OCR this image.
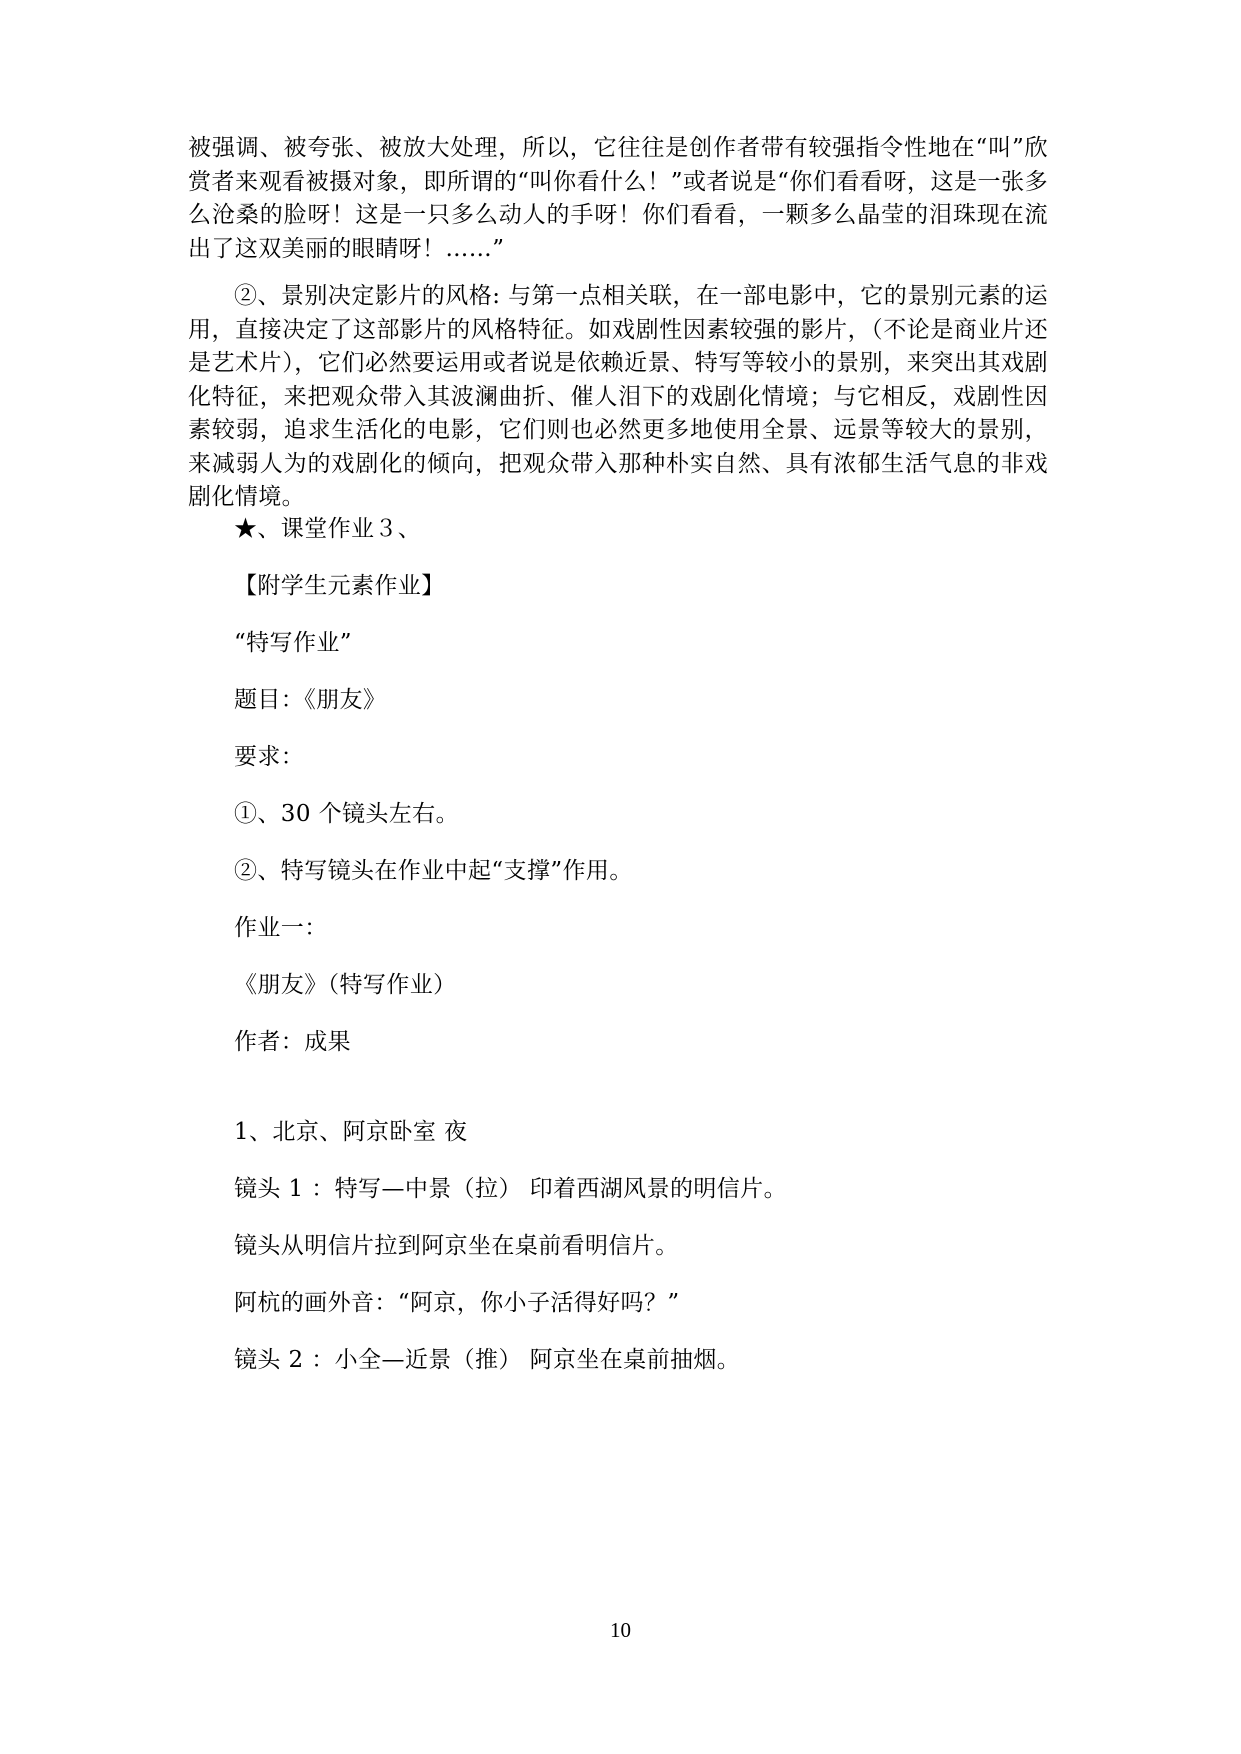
被强调、被夸张、被放大处理，所以，它往往是创作者带有较强指令性地在“叫”欣赏者来观看被摄对象，即所谓的“叫你看什么！”或者说是“你们看看呀，这是一张多么沧桑的脸呀！这是一只多么动人的手呀！你们看看，一颗多么晶莹的泪珠现在流出了这双美丽的眼睛呀！……”

②、景别决定影片的风格: 与第一点相关联，在一部电影中，它的景别元素的运用，直接决定了这部影片的风格特征。如戏剧性因素较强的影片，（不论是商业片还是艺术片），它们必然要运用或者说是依赖近景、特写等较小的景别，来突出其戏剧化特征，来把观众带入其波澜曲折、催人泪下的戏剧化情境；与它相反，戏剧性因素较弱，追求生活化的电影，它们则也必然更多地使用全景、远景等较大的景别，来减弱人为的戏剧化的倾向，把观众带入那种朴实自然、具有浓郁生活气息的非戏剧化情境。

★、课堂作业３、

【附学生元素作业】

“特写作业”

题目：《朋友》

要求：

①、30 个镜头左右。

②、特写镜头在作业中起“支撑”作用。

作业一：

《朋友》（特写作业）

作者：成果

1、北京、阿京卧室 夜

镜头 1 ：特写—中景（拉） 印着西湖风景的明信片。

镜头从明信片拉到阿京坐在桌前看明信片。

阿杭的画外音：“阿京，你小子活得好吗？”

镜头 2 ：小全—近景（推） 阿京坐在桌前抽烟。

10
